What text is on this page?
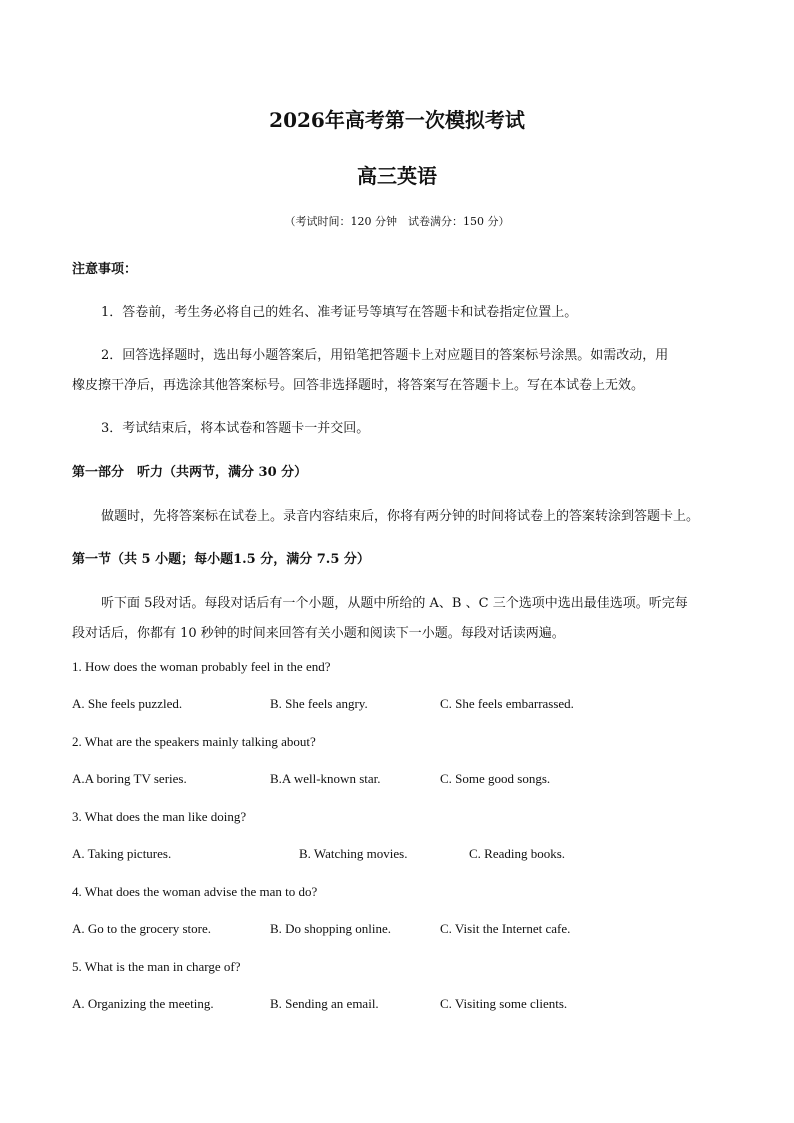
2026年高考第一次模拟考试
高三英语
（考试时间：120 分钟　试卷满分：150 分）
注意事项：
1．答卷前，考生务必将自己的姓名、准考证号等填写在答题卡和试卷指定位置上。
2．回答选择题时，选出每小题答案后，用铅笔把答题卡上对应题目的答案标号涂黑。如需改动，用
橡皮擦干净后，再选涂其他答案标号。回答非选择题时，将答案写在答题卡上。写在本试卷上无效。
3．考试结束后，将本试卷和答题卡一并交回。
第一部分　听力（共两节，满分 30 分）
做题时，先将答案标在试卷上。录音内容结束后，你将有两分钟的时间将试卷上的答案转涂到答题卡上。
第一节（共 5 小题；每小题1.5 分，满分 7.5 分）
听下面 5段对话。每段对话后有一个小题，从题中所给的 A、B 、C 三个选项中选出最佳选项。听完每
段对话后，你都有 10 秒钟的时间来回答有关小题和阅读下一小题。每段对话读两遍。
1. How does the woman probably feel in the end?
A. She feels puzzled.	B. She feels angry.	C. She feels embarrassed.
2. What are the speakers mainly talking about?
A.A boring TV series.	B.A well-known star.	C. Some good songs.
3. What does the man like doing?
A. Taking pictures.	B. Watching movies.	C. Reading books.
4. What does the woman advise the man to do?
A. Go to the grocery store.	B. Do shopping online.	C. Visit the Internet cafe.
5. What is the man in charge of?
A. Organizing the meeting.	B. Sending an email.	C. Visiting some clients.
